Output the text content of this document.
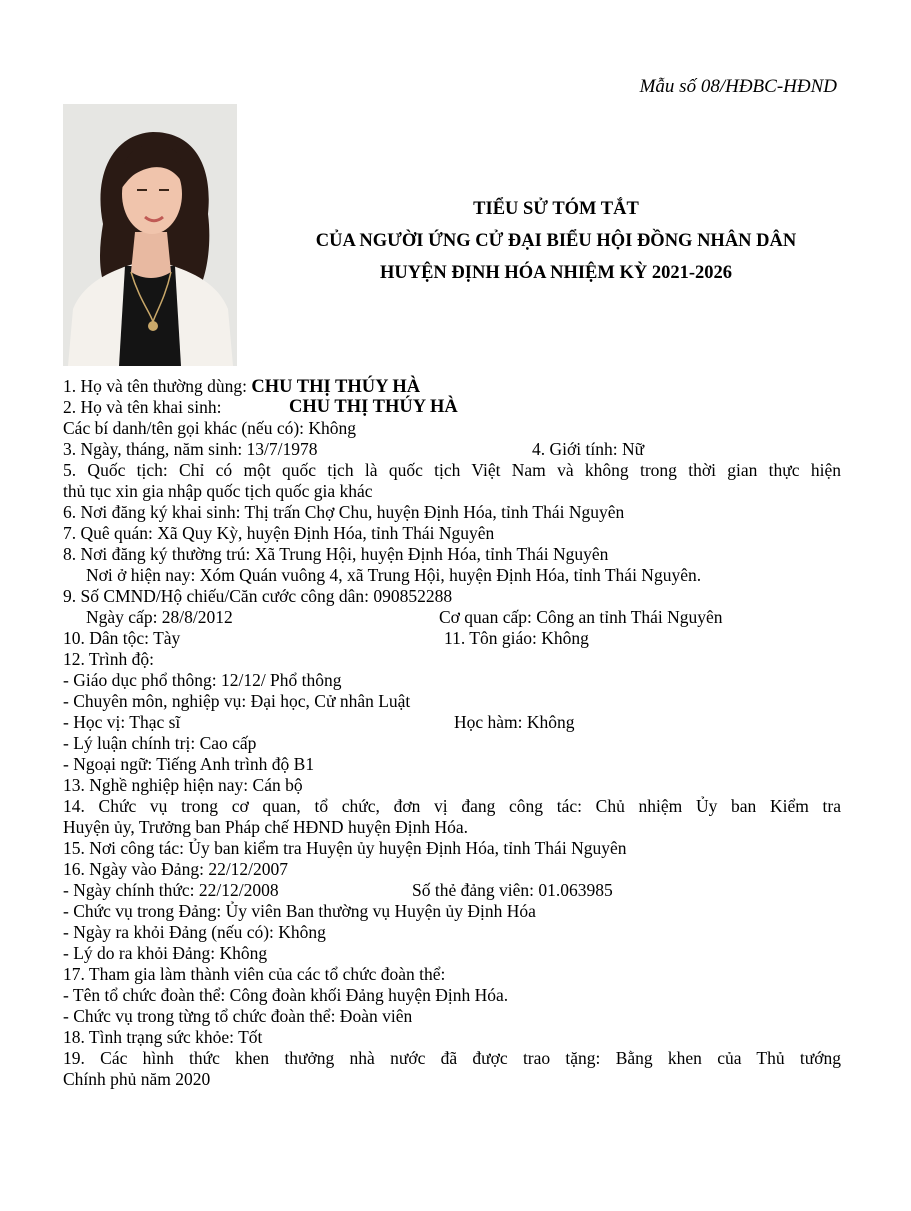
Mẫu số 08/HĐBC-HĐND
TIỂU SỬ TÓM TẮT
CỦA NGƯỜI ỨNG CỬ ĐẠI BIỂU HỘI ĐỒNG NHÂN DÂN
HUYỆN ĐỊNH HÓA NHIỆM KỲ 2021-2026
1. Họ và tên thường dùng: CHU THỊ THÚY HÀ
2. Họ và tên khai sinh:	CHU THỊ THÚY HÀ
Các bí danh/tên gọi khác (nếu có): Không
3. Ngày, tháng, năm sinh: 13/7/1978	4. Giới tính: Nữ
5. Quốc tịch: Chỉ có một quốc tịch là quốc tịch Việt Nam và không trong thời gian thực hiện
thủ tục xin gia nhập quốc tịch quốc gia khác
6. Nơi đăng ký khai sinh: Thị trấn Chợ Chu, huyện Định Hóa, tỉnh Thái Nguyên
7. Quê quán: Xã Quy Kỳ, huyện Định Hóa, tỉnh Thái Nguyên
8. Nơi đăng ký thường trú: Xã Trung Hội, huyện Định Hóa, tỉnh Thái Nguyên
Nơi ở hiện nay: Xóm Quán vuông 4, xã Trung Hội, huyện Định Hóa, tỉnh Thái Nguyên.
9. Số CMND/Hộ chiếu/Căn cước công dân: 090852288
Ngày cấp: 28/8/2012	Cơ quan cấp: Công an tỉnh Thái Nguyên
10. Dân tộc: Tày	11. Tôn giáo: Không
12. Trình độ:
- Giáo dục phổ thông: 12/12/ Phổ thông
- Chuyên môn, nghiệp vụ: Đại học, Cử nhân Luật
- Học vị: Thạc sĩ	Học hàm: Không
- Lý luận chính trị: Cao cấp
- Ngoại ngữ: Tiếng Anh trình độ B1
13. Nghề nghiệp hiện nay: Cán bộ
14. Chức vụ trong cơ quan, tổ chức, đơn vị đang công tác: Chủ nhiệm Ủy ban Kiểm tra
Huyện ủy, Trưởng ban Pháp chế HĐND huyện Định Hóa.
15. Nơi công tác: Ủy ban kiểm tra Huyện ủy huyện Định Hóa, tỉnh Thái Nguyên
16. Ngày vào Đảng: 22/12/2007
- Ngày chính thức: 22/12/2008	Số thẻ đảng viên: 01.063985
- Chức vụ trong Đảng: Ủy viên Ban thường vụ Huyện ủy Định Hóa
- Ngày ra khỏi Đảng (nếu có): Không
- Lý do ra khỏi Đảng: Không
17. Tham gia làm thành viên của các tổ chức đoàn thể:
- Tên tổ chức đoàn thể: Công đoàn khối Đảng huyện Định Hóa.
- Chức vụ trong từng tổ chức đoàn thể: Đoàn viên
18. Tình trạng sức khỏe: Tốt
19. Các hình thức khen thưởng nhà nước đã được trao tặng: Bằng khen của Thủ tướng
Chính phủ năm 2020
